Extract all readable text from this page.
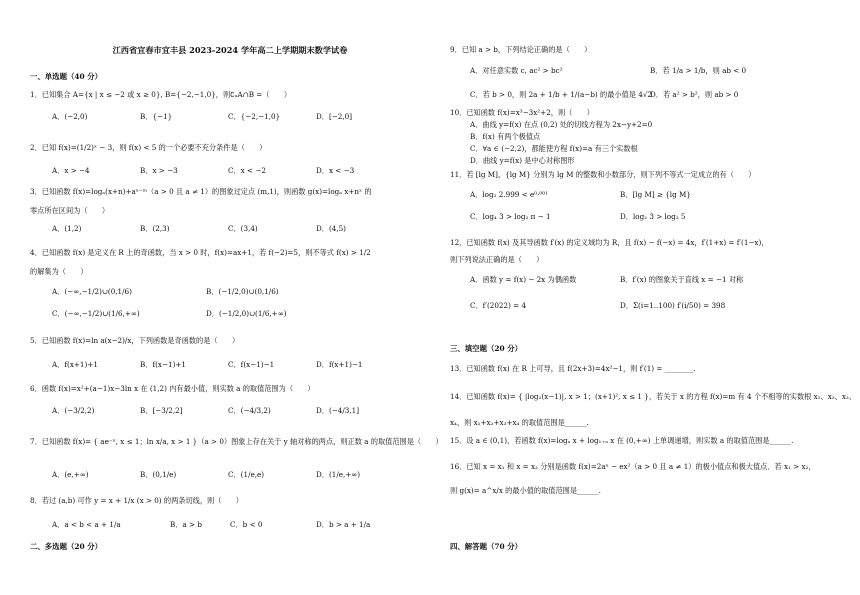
江西省宜春市宜丰县 2023-2024 学年高二上学期期末数学试卷
一、单选题（40 分）
1．已知集合 A={x | x ≤ −2 或 x ≥ 0}, B={−2,−1,0}，则∁ₐA∩B =（　　）
A．(−2,0)	B．{−1}	C．{−2,−1,0}	D．[−2,0]
2．已知 f(x)=(1/2)ˣ − 3，则 f(x) < 5 的一个必要不充分条件是（　　）
A．x > −4	B．x > −3	C．x < −2	D．x < −3
3．已知函数 f(x)=logₐ(x+n)+aˣ⁻ᵐ（a > 0 且 a ≠ 1）的图象过定点 (m,1)，则函数 g(x)=logₐ x+nˣ 的
零点所在区间为（　　）
A．(1,2)	B．(2,3)	C．(3,4)	D．(4,5)
4．已知函数 f(x) 是定义在 R 上的奇函数，当 x > 0 时，f(x)=ax+1，若 f(−2)=5，则不等式 f(x) > 1/2
的解集为（　　）
A．(−∞,−1/2)∪(0,1/6)	B．(−1/2,0)∪(0,1/6)
C．(−∞,−1/2)∪(1/6,+∞)	D．(−1/2,0)∪(1/6,+∞)
5．已知函数 f(x)=ln a(x−2)/x，下列函数是奇函数的是（　　）
A．f(x+1)+1	B．f(x−1)+1	C．f(x−1)−1	D．f(x+1)−1
6．函数 f(x)=x²+(a−1)x−3ln x 在 (1,2) 内有最小值，则实数 a 的取值范围为（　　）
A．(−3/2,2)	B．[−3/2,2]	C．(−4/3,2)	D．(−4/3,1]
7．已知函数 f(x)= { ae⁻ˣ, x ≤ 1；ln x/a, x > 1 }（a > 0）图象上存在关于 y 轴对称的两点，则正数 a 的取值范围是（　　）
A．(e,+∞)	B．(0,1/e)	C．(1/e,e)	D．(1/e,+∞)
8．若过 (a,b) 可作 y = x + 1/x (x > 0) 的两条切线，则（　　）
A．a < b < a + 1/a	B．a > b	C．b < 0	D．b > a + 1/a
二、多选题（20 分）
9．已知 a > b，下列结论正确的是（　　）
A．对任意实数 c, ac² > bc²	B．若 1/a > 1/b，则 ab < 0
C．若 b > 0，则 2a + 1/b + 1/(a−b) 的最小值是 4√2
D．若 a² > b²，则 ab > 0
10．已知函数 f(x)=x³−3x²+2，则（　　）
A．曲线 y=f(x) 在点 (0,2) 处的切线方程为 2x−y+2=0
B．f(x) 有两个极值点
C．∀a ∈ (−2,2)，都能使方程 f(x)=a 有三个实数根
D．曲线 y=f(x) 是中心对称图形
11．若 [lg M]，{lg M} 分别为 lg M 的整数和小数部分，则下列不等式一定成立的有（　　）
A．log₂ 2.999 < e⁰·⁰⁰¹	B．[lg M] ≥ {lg M}
C．log₄ 3 > log₂ π − 1	D．log₂ 3 > log₃ 5
12．已知函数 f(x) 及其导函数 f′(x) 的定义域均为 R，且 f(x) − f(−x) = 4x，f′(1+x) = f′(1−x)，
则下列说法正确的是（　　）
A．函数 y = f(x) − 2x 为偶函数	B．f′(x) 的图象关于直线 x = −1 对称
C．f′(2022) = 4	D．Σ(i=1..100) f′(i/50) = 398
三、填空题（20 分）
13．已知函数 f(x) 在 R 上可导，且 f(2x+3)=4x²−1，则 f′(1) = ________.
14．已知函数 f(x)= { |log₂(x−1)|, x > 1；(x+1)², x ≤ 1 }，若关于 x 的方程 f(x)=m 有 4 个不相等的实数根 x₁、x₂、x₃、
x₄，则 x₁+x₂+x₃+x₄ 的取值范围是______.
15．设 a ∈ (0,1)，若函数 f(x)=logₐ x + log₁₊ₐ x 在 (0,+∞) 上单调递增，则实数 a 的取值范围是______.
16．已知 x = x₁ 和 x = x₂ 分别是函数 f(x)=2aˣ − ex²（a > 0 且 a ≠ 1）的极小值点和极大值点．若 x₁ > x₂，
则 g(x)= a^x/x 的最小值的取值范围是______.
四、解答题（70 分）
